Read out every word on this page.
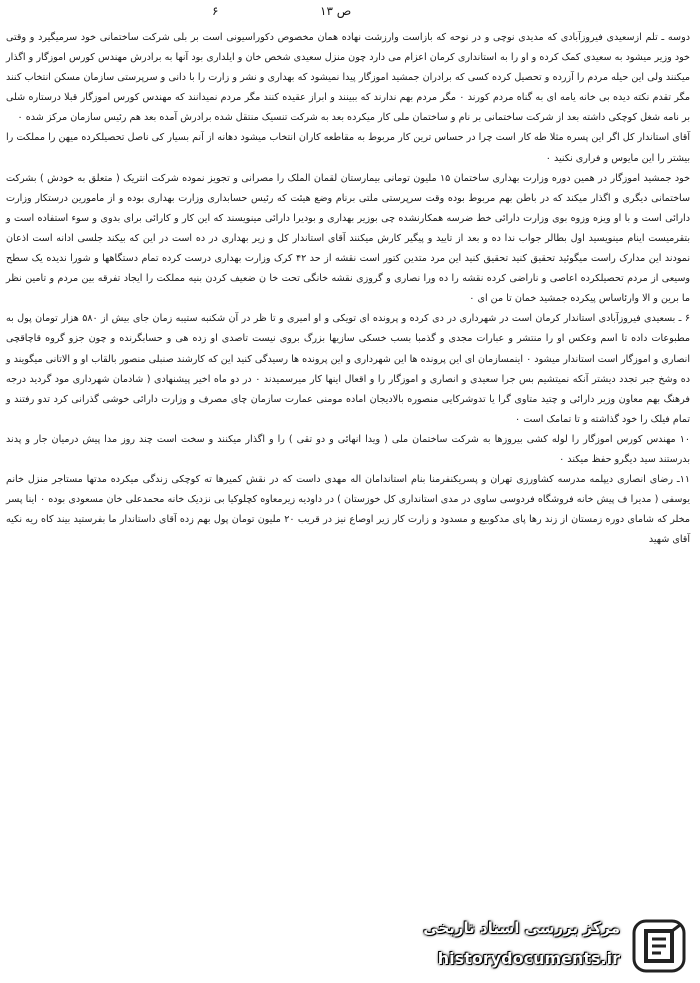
۶	ص ۱۳

دوسه ـ تلم ازسعیدی فیروزآبادی که مدیدی نوچی و در نوحه که بازاست وارزشت نهاده همان مخصوص دکوراسیونی است بر بلی شرکت ساختمانی خود سرمیگیرد و وقتی خود وزیر میشود به سعیدی کمک کرده و او را به استانداری کرمان اعزام می دارد چون منزل سعیدی شخص خان و ایلداری بود آنها به برادرش مهندس کورس اموزگار و اگذار میکنند ولی این حیله مردم را آزرده و تحصیل کرده کسی که برادران جمشید اموزگار پیدا نمیشود که بهداری و نشر و زارت را با دانی و سرپرستی سازمان مسکن انتخاب کنند مگر تقدم نکته دیده بی خانه یامه ای به گناه مردم کورند ۰ مگر مردم بهم ندارند که ببینند و ابراز عقیده کنند مگر مردم نمیدانند که مهندس کورس اموزگار قبلا درستاره شلی بر نامه شغل کوچکی داشته بعد از شرکت ساختمانی بر نام و ساختمان ملی کار میکرده بعد به شرکت تنسیک منتقل شده برادرش آمده بعد هم رئیس سازمان مرکز شده ۰

آقای استاندار کل اگر این پسره مثلا طه کار است چرا در حساس ترین کار مربوط به مقاطعه کاران انتخاب میشود دهانه از آنم بسیار کی ناصل تحصیلکرده میهن را مملکت را بیشتر را این مایوس و فراری نکنید ۰

خود جمشید اموزگار در همین دوره وزارت بهداری ساختمان ۱۵ ملیون تومانی بیمارستان لقمان الملک را مصرانی و تجویز نموده شرکت انتریک ( متعلق به خودش ) بشرکت ساختمانی دیگری و اگذار میکند که در باطن بهم مربوط بوده وقت سرپرستی ملتی برنام وضع هیئت که رئیس حسابداری وزارت بهداری بوده و از مامورین درستکار وزارت دارائی است و با او ویزه وزوه بوی وزارت دارائی خط ضرسه همکارنشده چی بوزیر بهداری و بودیرا دارائی مینویسند که این کار و کارائی برای بدوی و سوء استفاده است و بتقرمیست اینام مینویسید اول بطالر جواب ندا ده و بعد از تایید و پیگیر کارش میکنند آقای استاندار کل و زیر بهداری در ده است در این که بیکند جلسی ادانه است اذعان نمودند این مدارک راست میگوئید تحقیق کنید تحقیق کنید این مرد متدین کتور است نقشه از حد ۴۲ کرک وزارت بهداری درست کرده تمام دستگاهها و شورا ندیده یک سطح وسیعی از مردم تحصیلکرده اعاصی و ناراضی کرده نقشه را ده ورا نصاری و گروزی نقشه خانگی تحت خا ن ضعیف کردن بنیه مملکت را ایجاد تفرقه بین مردم و تامین نظر ما برین و الا وارئاساس پیکرده جمشید خمان تا من ای ۰

۶ ـ بسعیدی فیروزآبادی استاندار کرمان است در شهرداری در دی کرده و پرونده ای تویکی و او امیری و تا ظر در آن شکنبه ستیبه زمان جای بیش از ۵۸۰ هزار تومان پول به مطبوعات داده تا اسم وعکس او را منتشر و عبارات مجدی و گذمبا بسب خسکی سازیها بزرگ بروی نیست تاصدی او زده هی و حسابگرنده و چون جزو گروه قاچاقچی انصاری و اموزگار است استاندار میشود ۰ اینمسازمان ای این پرونده ها این شهرداری و این پرونده ها رسیدگی کنید این که کارشند صنبلی منصور بالقاب او و الاتانی میگویند و ده وشخ جبر تجدد دیشتر آنکه نمیتشیم بس جرا سعیدی و انصاری و اموزگار را و اقعال اینها کار میرسمیدند ۰ در دو ماه اخیر پیشنهادی ( شادمان شهرداری مود گردید درجه فرهنگ بهم معاون وزیر دارائی و چتید متاوی گرا یا تدوشرکایی منصوره بالادیجان اماده مومنی عمارت سازمان چای مصرف و وزارت دارائی خوشی گذرانی کرد تدو رفتند و تمام فیلک را خود گذاشته و تا تمامک است ۰

۱۰ مهندس کورس اموزگار را لوله کشی بیروزها به شرکت ساختمان ملی ( ویدا انهائی و دو تقی ) را و اگذار میکنند و سخت است چند روز مدا پیش درمیان جار و پدند بدرستند سید دیگرو حفظ میکند ۰

۱۱ـ رضای انصاری دیپلمه مدرسه کشاورزی تهران و پسریکنفرمنا بنام استاندامان اله مهدی داست که در نقش کمیرها ته کوچکی زندگی میکرده مدتها مستاجر منزل خانم یوسفی ( مدیرا ف پیش خانه فروشگاه فردوسی ساوی در مدی استانداری کل خوزستان ) در داودیه زیرمعاوه کچلوکیا بی نزدیک خانه محمدعلی خان مسعودی بوده ۰ اینا پسر مخلر که شامای دوره زمستان از زند رها پای مدکوبیع و مسدود و زارت کار زیر اوصاع نیز در قریب ۲۰ ملیون تومان پول بهم زده آقای داستاندار ما بفرستید بیند کاه ریه نکیه آقای شهید

مرکز بررسی اسناد تاریخی
historydocuments.ir
